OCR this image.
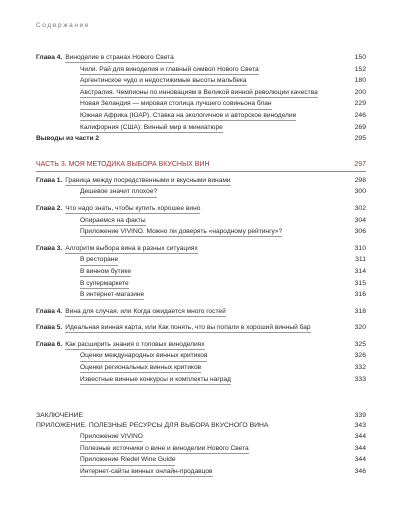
Содержание
Глава 4. Виноделие в странах Нового Света	150
Чили. Рай для виноделия и главный символ Нового Света	152
Аргентинское чудо и недостижимые высоты мальбека	180
Австралия. Чемпионы по инновациям в Великой винной революции качества	200
Новая Зеландия — мировая столица лучшего совиньона блан	229
Южная Африка (ЮАР). Ставка на экологичное и авторское виноделие	246
Калифорния (США): Винный мир в миниатюре	269
Выводы из части 2	295
ЧАСТЬ 3. МОЯ МЕТОДИКА ВЫБОРА ВКУСНЫХ ВИН	297
Глава 1. Граница между посредственными и вкусными винами	298
Дешевое значит плохое?	300
Глава 2. Что надо знать, чтобы купить хорошее вино	302
Опираемся на факты	304
Приложение VIVINO. Можно ли доверять «народному рейтингу»?	306
Глава 3. Алгоритм выбора вина в разных ситуациях	310
В ресторане	311
В винном бутике	314
В супермаркете	315
В интернет-магазине	316
Глава 4. Вина для случая, или Когда ожидается много гостей	318
Глава 5. Идеальная винная карта, или Как понять, что вы попали в хороший винный бар	320
Глава 6. Как расширить знания о топовых виноделиях	325
Оценки международных винных критиков	326
Оценки региональных винных критиков	332
Известные винные конкурсы и комплекты наград	333
ЗАКЛЮЧЕНИЕ	339
ПРИЛОЖЕНИЕ. ПОЛЕЗНЫЕ РЕСУРСЫ ДЛЯ ВЫБОРА ВКУСНОГО ВИНА	343
Приложение VIVINO	344
Полезные источники о вине и виноделии Нового Света	344
Приложение Riedel Wine Guide	344
Интернет-сайты винных онлайн-продавцов	346
